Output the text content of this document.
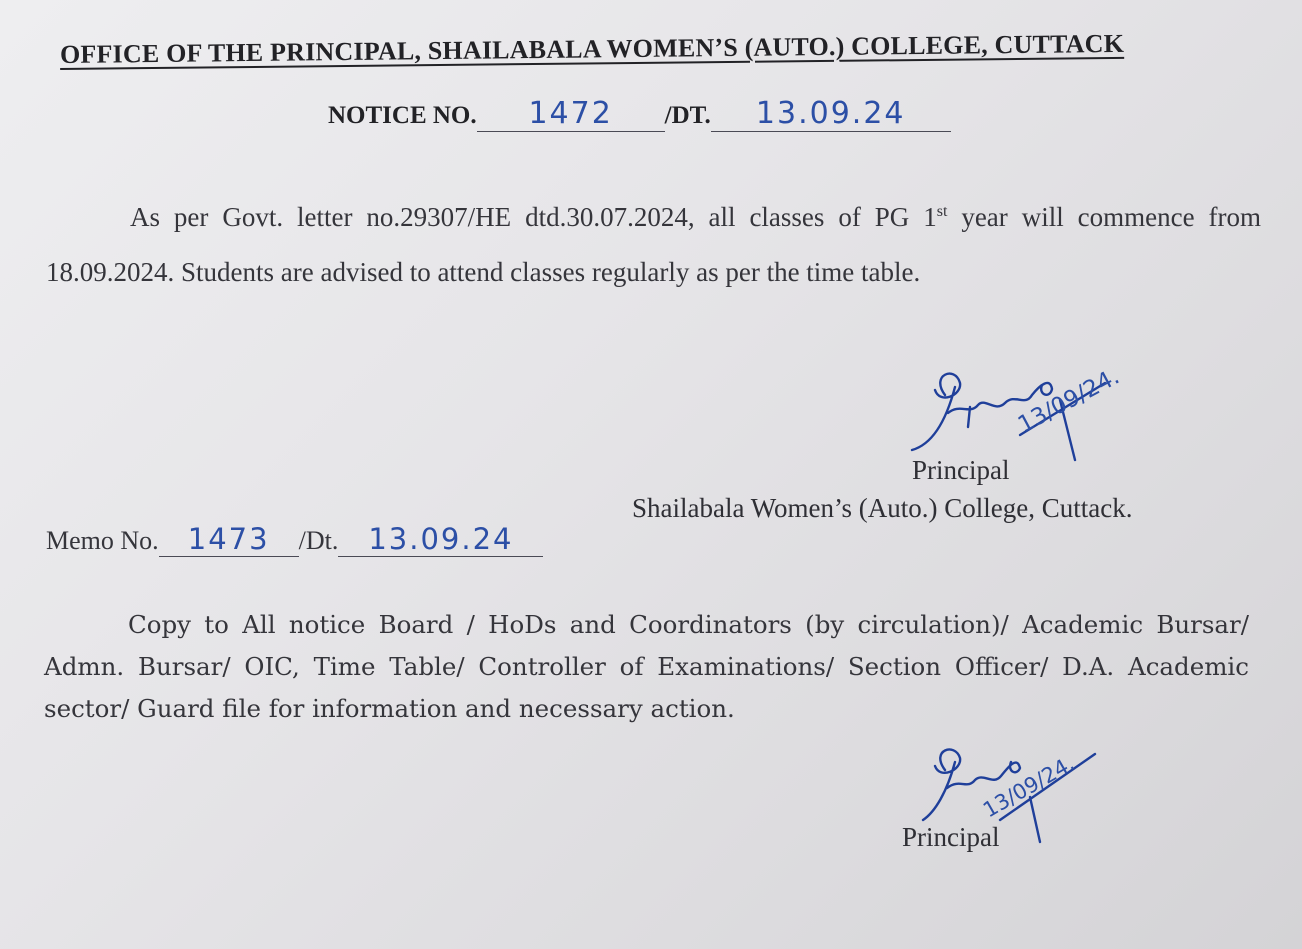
OFFICE OF THE PRINCIPAL, SHAILABALA WOMEN’S (AUTO.) COLLEGE, CUTTACK
NOTICE NO. 1472 /DT. 13.09.24

As per Govt. letter no.29307/HE dtd.30.07.2024, all classes of PG 1st year will commence from 18.09.2024. Students are advised to attend classes regularly as per the time table.

13/09/24.
Principal
Shailabala Women’s (Auto.) College, Cuttack.
Memo No. 1473 /Dt. 13.09.24

Copy to All notice Board / HoDs and Coordinators (by circulation)/ Academic Bursar/ Admn. Bursar/ OIC, Time Table/ Controller of Examinations/ Section Officer/ D.A. Academic sector/ Guard file for information and necessary action.

13/09/24.
Principal
